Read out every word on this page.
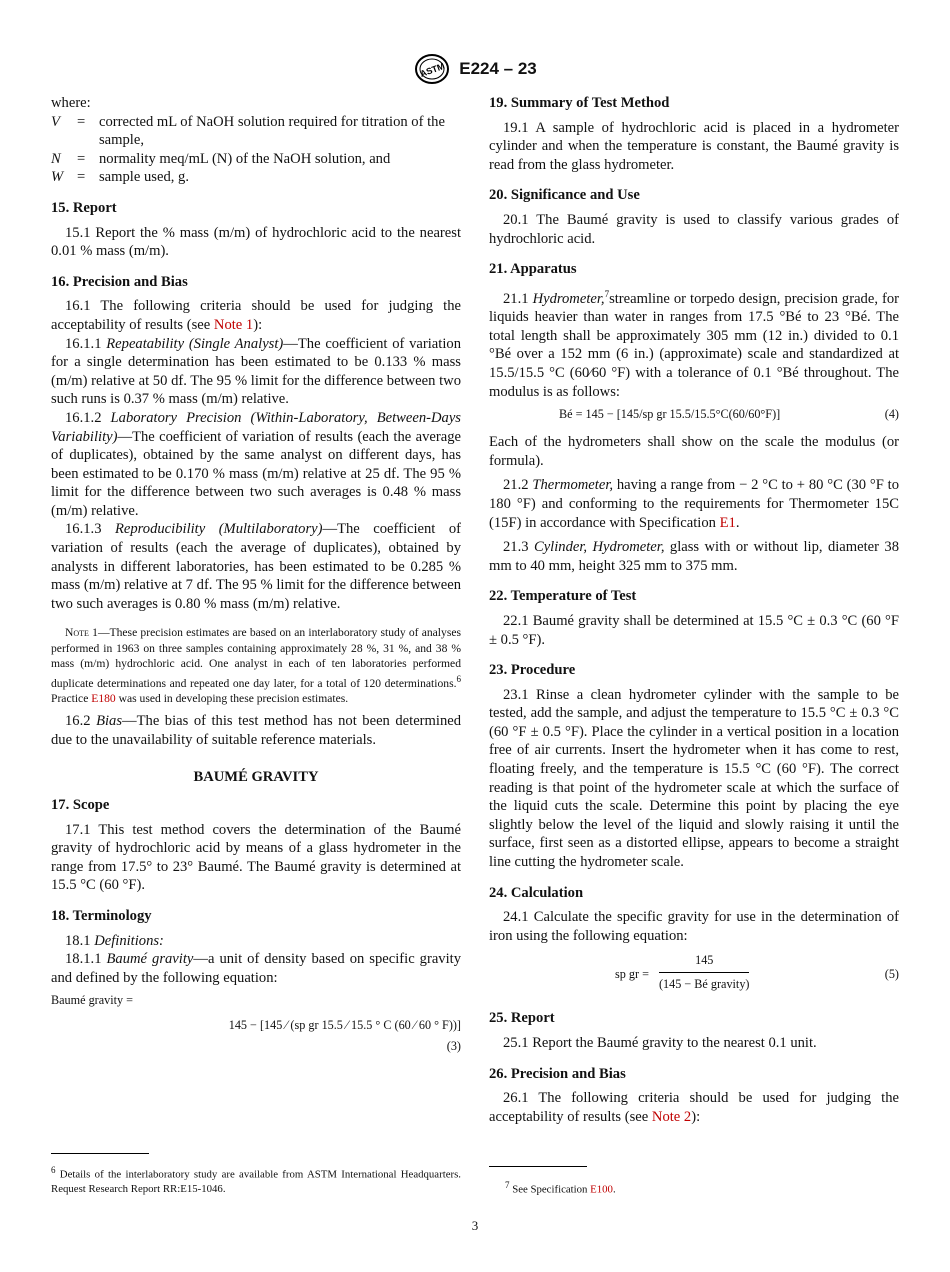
ASTM E224 – 23

where:

V	= corrected mL of NaOH solution required for titration of the sample,
N	= normality meq/mL (N) of the NaOH solution, and
W = sample used, g.
15. Report

15.1 Report the % mass (m/m) of hydrochloric acid to the nearest 0.01 % mass (m/m).

16. Precision and Bias

16.1 The following criteria should be used for judging the acceptability of results (see Note 1):

16.1.1 Repeatability (Single Analyst)—The coefficient of variation for a single determination has been estimated to be 0.133 % mass (m/m) relative at 50 df. The 95 % limit for the difference between two such runs is 0.37 % mass (m/m) relative.

16.1.2 Laboratory Precision (Within-Laboratory, Between-Days Variability)—The coefficient of variation of results (each the average of duplicates), obtained by the same analyst on different days, has been estimated to be 0.170 % mass (m/m) relative at 25 df. The 95 % limit for the difference between two such averages is 0.48 % mass (m/m) relative.

16.1.3 Reproducibility (Multilaboratory)—The coefficient of variation of results (each the average of duplicates), obtained by analysts in different laboratories, has been estimated to be 0.285 % mass (m/m) relative at 7 df. The 95 % limit for the difference between two such averages is 0.80 % mass (m/m) relative.

Note 1—These precision estimates are based on an interlaboratory study of analyses performed in 1963 on three samples containing approximately 28 %, 31 %, and 38 % mass (m/m) hydrochloric acid. One analyst in each of ten laboratories performed duplicate determinations and repeated one day later, for a total of 120 determinations.$^6$ Practice E180 was used in developing these precision estimates.

16.2 Bias—The bias of this test method has not been determined due to the unavailability of suitable reference materials.

BAUMÉ GRAVITY
17. Scope

17.1 This test method covers the determination of the Baumé gravity of hydrochloric acid by means of a glass hydrometer in the range from 17.5° to 23° Baumé. The Baumé gravity is determined at 15.5 °C (60 °F).

18. Terminology

18.1 Definitions:

18.1.1 Baumé gravity—a unit of density based on specific gravity and defined by the following equation:

Baumé gravity =
145 − [145 ⁄ (sp gr 15.5 ⁄ 15.5 ° C (60 ⁄ 60 ° F))]
(3)
$^6$ Details of the interlaboratory study are available from ASTM International Headquarters. Request Research Report RR:E15-1046.
19. Summary of Test Method

19.1 A sample of hydrochloric acid is placed in a hydrometer cylinder and when the temperature is constant, the Baumé gravity is read from the glass hydrometer.

20. Significance and Use

20.1 The Baumé gravity is used to classify various grades of hydrochloric acid.

21. Apparatus

21.1 Hydrometer,$^7$streamline or torpedo design, precision grade, for liquids heavier than water in ranges from 17.5 °Bé to 23 °Bé. The total length shall be approximately 305 mm (12 in.) divided to 0.1 °Bé over a 152 mm (6 in.) (approximate) scale and standardized at 15.5/15.5 °C (60⁄60 °F) with a tolerance of 0.1 °Bé throughout. The modulus is as follows:

Bé = 145 − [145/sp gr 15.5/15.5°C(60/60°F)]	(4)

Each of the hydrometers shall show on the scale the modulus (or formula).

21.2 Thermometer, having a range from − 2 °C to + 80 °C (30 °F to 180 °F) and conforming to the requirements for Thermometer 15C (15F) in accordance with Specification E1.

21.3 Cylinder, Hydrometer, glass with or without lip, diameter 38 mm to 40 mm, height 325 mm to 375 mm.

22. Temperature of Test

22.1 Baumé gravity shall be determined at 15.5 °C ± 0.3 °C (60 °F ± 0.5 °F).

23. Procedure

23.1 Rinse a clean hydrometer cylinder with the sample to be tested, add the sample, and adjust the temperature to 15.5 °C ± 0.3 °C (60 °F ± 0.5 °F). Place the cylinder in a vertical position in a location free of air currents. Insert the hydrometer when it has come to rest, floating freely, and the temperature is 15.5 °C (60 °F). The correct reading is that point of the hydrometer scale at which the surface of the liquid cuts the scale. Determine this point by placing the eye slightly below the level of the liquid and slowly raising it until the surface, first seen as a distorted ellipse, appears to become a straight line cutting the hydrometer scale.

24. Calculation

24.1 Calculate the specific gravity for use in the determination of iron using the following equation:

sp gr =
145
(145 − Bé gravity)
(5)
25. Report

25.1 Report the Baumé gravity to the nearest 0.1 unit.

26. Precision and Bias

26.1 The following criteria should be used for judging the acceptability of results (see Note 2):

$^7$ See Specification E100.
3
